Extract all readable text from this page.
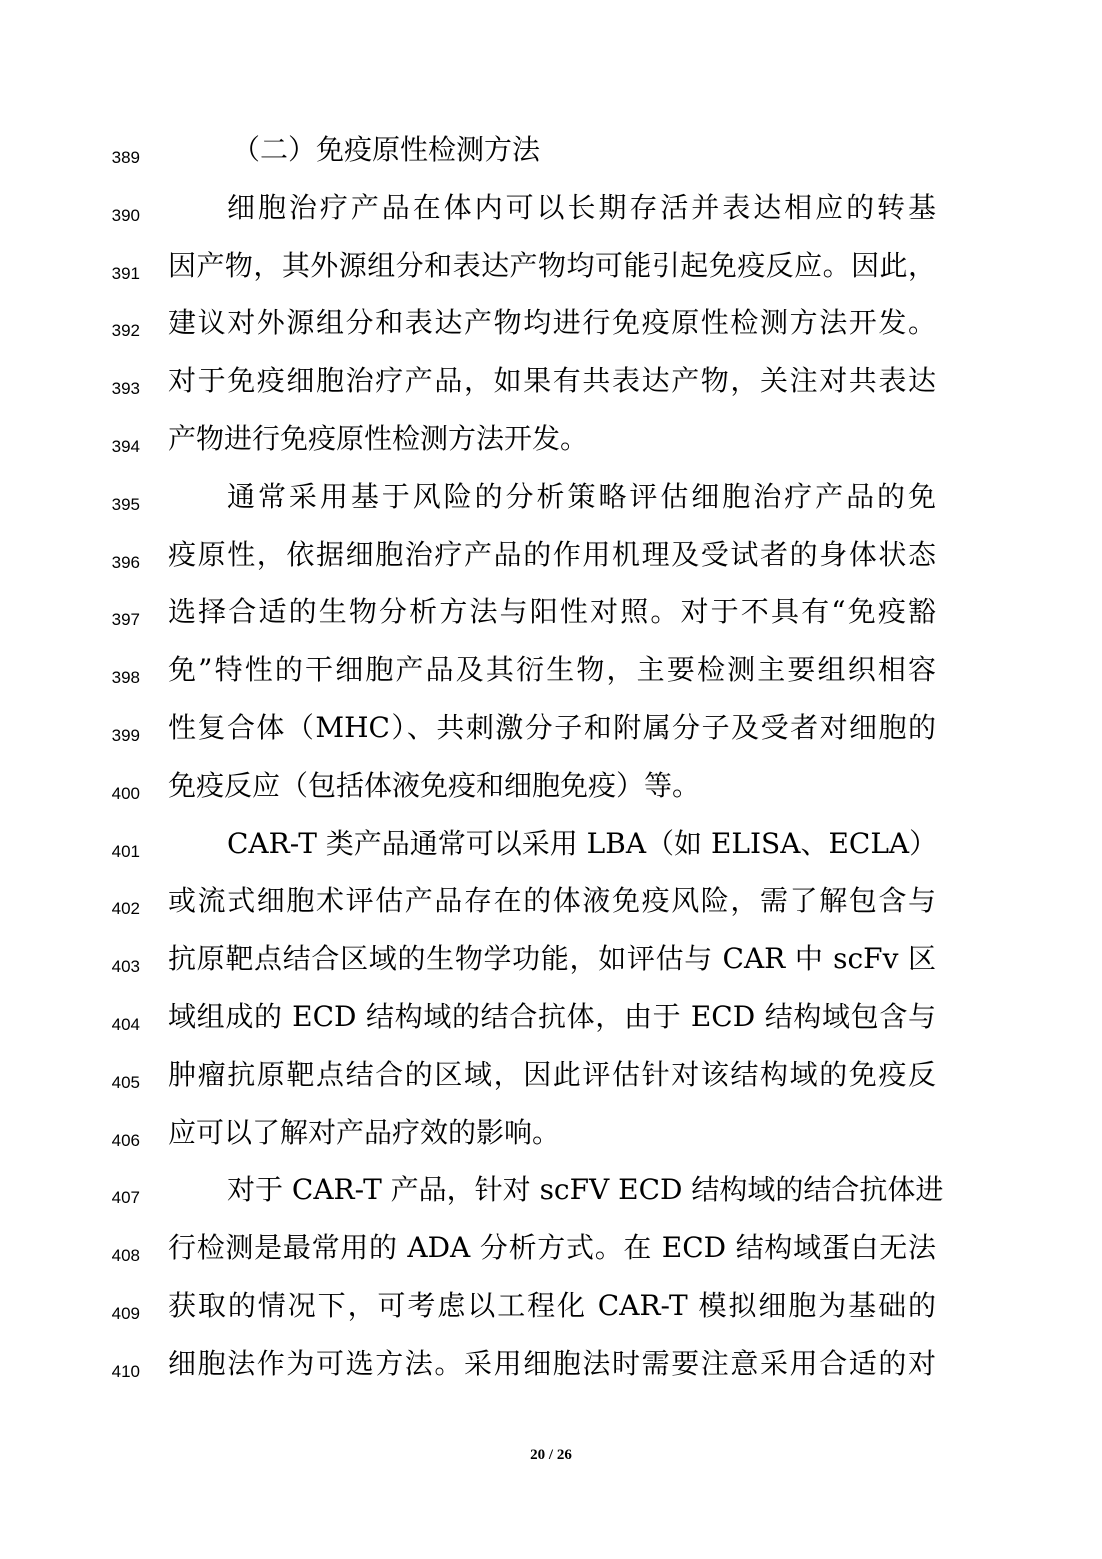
389	（二）免疫原性检测方法
390	细胞治疗产品在体内可以长期存活并表达相应的转基
391 因产物，其外源组分和表达产物均可能引起免疫反应。因此，
392 建议对外源组分和表达产物均进行免疫原性检测方法开发。
393 对于免疫细胞治疗产品，如果有共表达产物，关注对共表达
394 产物进行免疫原性检测方法开发。
395	通常采用基于风险的分析策略评估细胞治疗产品的免
396 疫原性，依据细胞治疗产品的作用机理及受试者的身体状态
397 选择合适的生物分析方法与阳性对照。对于不具有“免疫豁
398 免”特性的干细胞产品及其衍生物，主要检测主要组织相容
399 性复合体（MHC）、共刺激分子和附属分子及受者对细胞的
400 免疫反应（包括体液免疫和细胞免疫）等。
401	CAR-T 类产品通常可以采用 LBA（如 ELISA、ECLA）
402 或流式细胞术评估产品存在的体液免疫风险，需了解包含与
403 抗原靶点结合区域的生物学功能，如评估与 CAR 中 scFv 区
404 域组成的 ECD 结构域的结合抗体，由于 ECD 结构域包含与
405 肿瘤抗原靶点结合的区域，因此评估针对该结构域的免疫反
406 应可以了解对产品疗效的影响。
407	对于 CAR-T 产品，针对 scFV ECD 结构域的结合抗体进
408 行检测是最常用的 ADA 分析方式。在 ECD 结构域蛋白无法
409 获取的情况下，可考虑以工程化 CAR-T 模拟细胞为基础的
410 细胞法作为可选方法。采用细胞法时需要注意采用合适的对
20 / 26
